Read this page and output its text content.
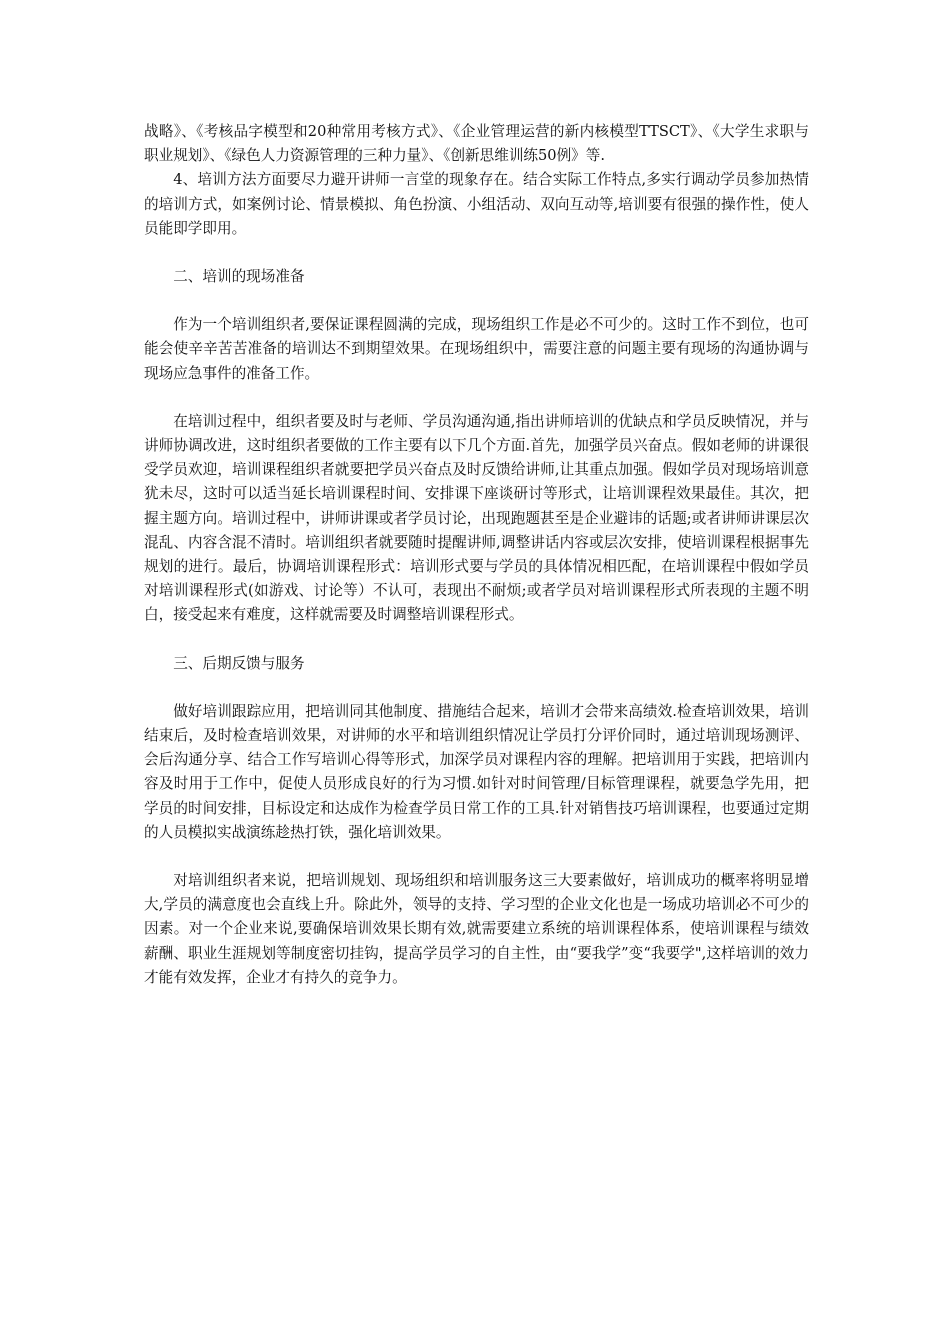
战略》、《考核品字模型和20种常用考核方式》、《企业管理运营的新内核模型TTSCT》、《大学生求职与职业规划》、《绿色人力资源管理的三种力量》、《创新思维训练50例》等.

4、培训方法方面要尽力避开讲师一言堂的现象存在。结合实际工作特点,多实行调动学员参加热情的培训方式，如案例讨论、情景模拟、角色扮演、小组活动、双向互动等,培训要有很强的操作性，使人员能即学即用。

二、培训的现场准备

作为一个培训组织者,要保证课程圆满的完成，现场组织工作是必不可少的。这时工作不到位，也可能会使辛辛苦苦准备的培训达不到期望效果。在现场组织中，需要注意的问题主要有现场的沟通协调与现场应急事件的准备工作。

在培训过程中，组织者要及时与老师、学员沟通沟通,指出讲师培训的优缺点和学员反映情况，并与讲师协调改进，这时组织者要做的工作主要有以下几个方面.首先，加强学员兴奋点。假如老师的讲课很受学员欢迎，培训课程组织者就要把学员兴奋点及时反馈给讲师,让其重点加强。假如学员对现场培训意犹未尽，这时可以适当延长培训课程时间、安排课下座谈研讨等形式，让培训课程效果最佳。其次，把握主题方向。培训过程中，讲师讲课或者学员讨论，出现跑题甚至是企业避讳的话题;或者讲师讲课层次混乱、内容含混不清时。培训组织者就要随时提醒讲师,调整讲话内容或层次安排，使培训课程根据事先规划的进行。最后，协调培训课程形式：培训形式要与学员的具体情况相匹配，在培训课程中假如学员对培训课程形式(如游戏、讨论等）不认可，表现出不耐烦;或者学员对培训课程形式所表现的主题不明白，接受起来有难度，这样就需要及时调整培训课程形式。

三、后期反馈与服务

做好培训跟踪应用，把培训同其他制度、措施结合起来，培训才会带来高绩效.检查培训效果，培训结束后，及时检查培训效果，对讲师的水平和培训组织情况让学员打分评价同时，通过培训现场测评、会后沟通分享、结合工作写培训心得等形式，加深学员对课程内容的理解。把培训用于实践，把培训内容及时用于工作中，促使人员形成良好的行为习惯.如针对时间管理/目标管理课程，就要急学先用，把学员的时间安排，目标设定和达成作为检查学员日常工作的工具.针对销售技巧培训课程，也要通过定期的人员模拟实战演练趁热打铁，强化培训效果。

对培训组织者来说，把培训规划、现场组织和培训服务这三大要素做好，培训成功的概率将明显增大,学员的满意度也会直线上升。除此外，领导的支持、学习型的企业文化也是一场成功培训必不可少的因素。对一个企业来说,要确保培训效果长期有效,就需要建立系统的培训课程体系，使培训课程与绩效薪酬、职业生涯规划等制度密切挂钩，提高学员学习的自主性，由“要我学”变“我要学",这样培训的效力才能有效发挥，企业才有持久的竞争力。
